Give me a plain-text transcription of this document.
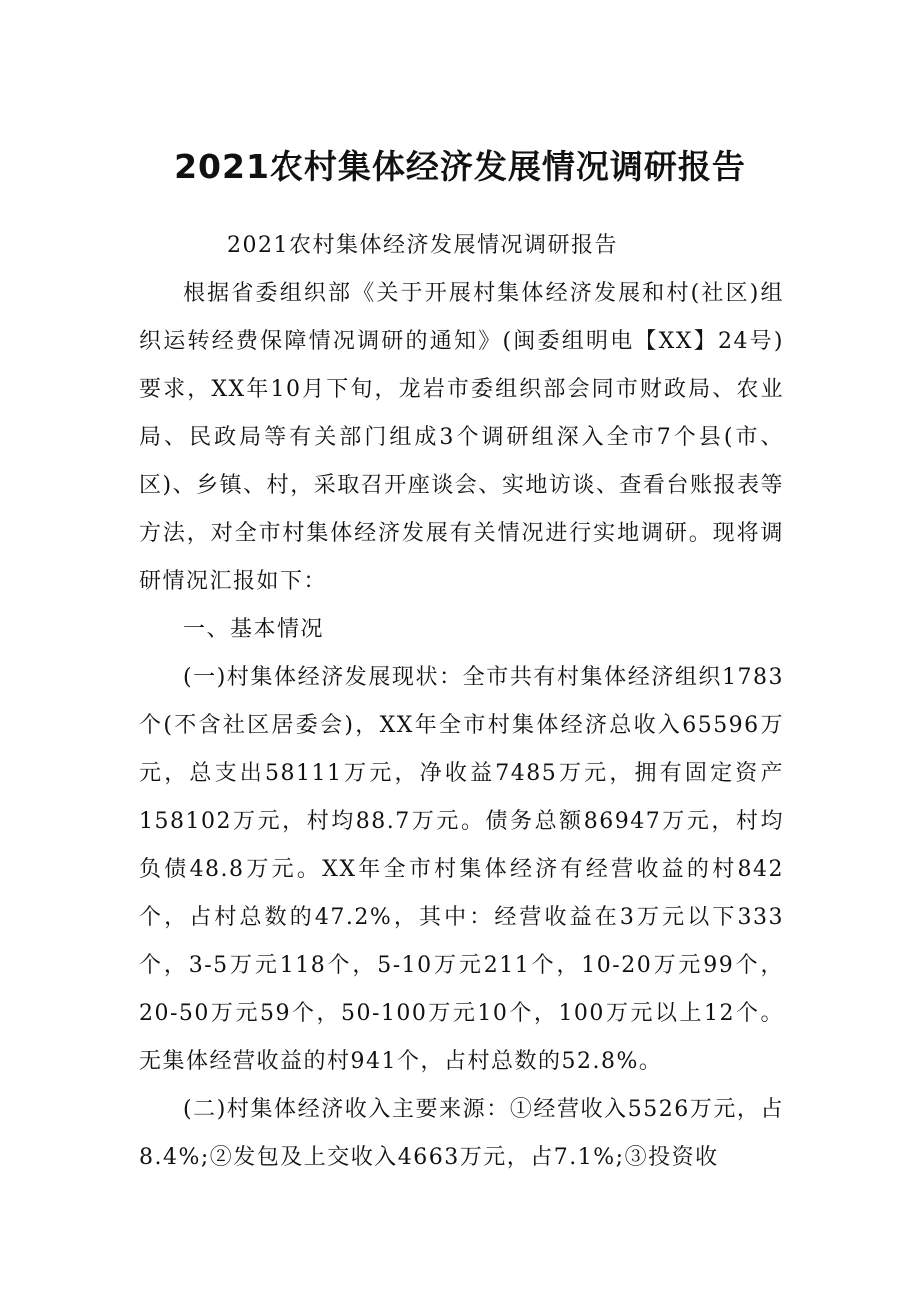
2021农村集体经济发展情况调研报告

2021农村集体经济发展情况调研报告

根据省委组织部《关于开展村集体经济发展和村(社区)组织运转经费保障情况调研的通知》(闽委组明电【XX】24号)要求，XX年10月下旬，龙岩市委组织部会同市财政局、农业局、民政局等有关部门组成3个调研组深入全市7个县(市、区)、乡镇、村，采取召开座谈会、实地访谈、查看台账报表等方法，对全市村集体经济发展有关情况进行实地调研。现将调研情况汇报如下：

一、基本情况

(一)村集体经济发展现状：全市共有村集体经济组织1783个(不含社区居委会)，XX年全市村集体经济总收入65596万元，总支出58111万元，净收益7485万元，拥有固定资产158102万元，村均88.7万元。债务总额86947万元，村均负债48.8万元。XX年全市村集体经济有经营收益的村842个，占村总数的47.2%，其中：经营收益在3万元以下333个，3-5万元118个，5-10万元211个，10-20万元99个，20-50万元59个，50-100万元10个，100万元以上12个。无集体经营收益的村941个，占村总数的52.8%。

(二)村集体经济收入主要来源：①经营收入5526万元，占8.4%;②发包及上交收入4663万元，占7.1%;③投资收
